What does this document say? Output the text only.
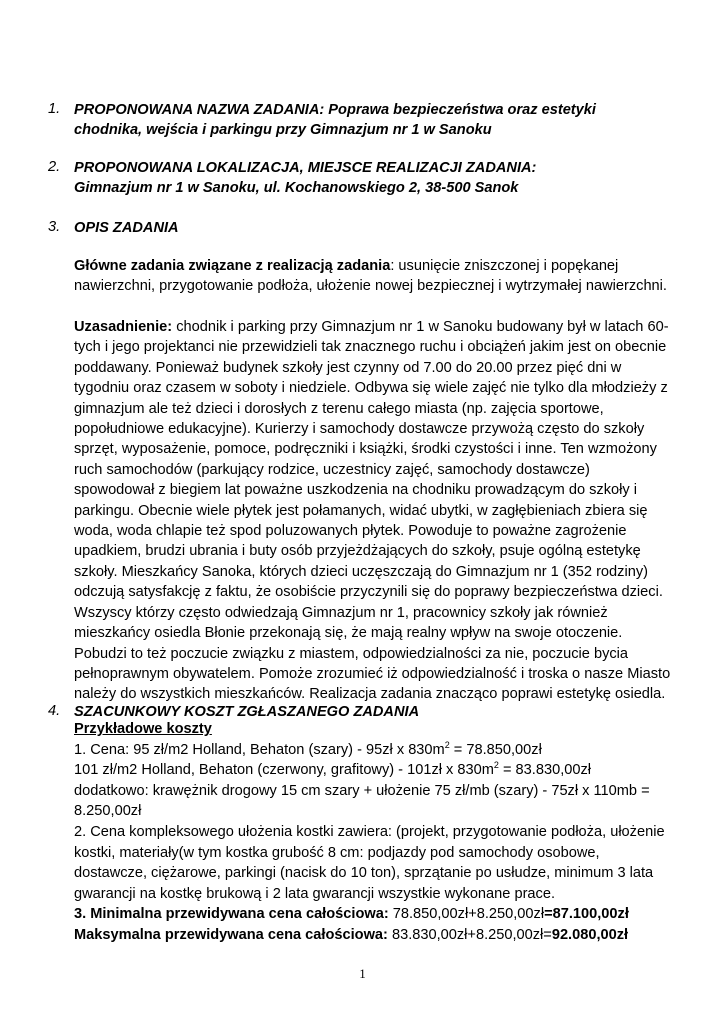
1. PROPONOWANA NAZWA ZADANIA: Poprawa bezpieczeństwa oraz estetyki
chodnika, wejścia i parkingu przy Gimnazjum nr 1 w Sanoku
2. PROPONOWANA LOKALIZACJA, MIEJSCE REALIZACJI ZADANIA:
Gimnazjum nr 1 w Sanoku, ul. Kochanowskiego 2, 38-500 Sanok
3. OPIS ZADANIA
Główne zadania związane z realizacją zadania: usunięcie zniszczonej i popękanej
nawierzchni, przygotowanie podłoża, ułożenie nowej bezpiecznej i wytrzymałej nawierzchni.
Uzasadnienie: chodnik i parking przy Gimnazjum nr 1 w Sanoku budowany był w latach 60-
tych i jego projektanci nie przewidzieli tak znacznego ruchu i obciążeń jakim jest on obecnie
poddawany. Ponieważ budynek szkoły jest czynny od 7.00 do 20.00 przez pięć dni w
tygodniu oraz czasem w soboty i niedziele. Odbywa się wiele zajęć nie tylko dla młodzieży z
gimnazjum ale też dzieci i dorosłych z terenu całego miasta (np. zajęcia sportowe,
popołudniowe edukacyjne). Kurierzy i samochody dostawcze przywożą często do szkoły
sprzęt, wyposażenie, pomoce, podręczniki i książki, środki czystości i inne. Ten wzmożony
ruch samochodów (parkujący rodzice, uczestnicy zajęć, samochody dostawcze)
spowodował z biegiem lat poważne uszkodzenia na chodniku prowadzącym do szkoły i
parkingu. Obecnie wiele płytek jest połamanych, widać ubytki, w zagłębieniach zbiera się
woda, woda chlapie też spod poluzowanych płytek. Powoduje to poważne zagrożenie
upadkiem, brudzi ubrania i buty osób przyjeżdżających do szkoły, psuje ogólną estetykę
szkoły. Mieszkańcy Sanoka, których dzieci uczęszczają do Gimnazjum nr 1 (352 rodziny)
odczują satysfakcję z faktu, że osobiście przyczynili się do poprawy bezpieczeństwa dzieci.
Wszyscy którzy często odwiedzają Gimnazjum nr 1, pracownicy szkoły jak również
mieszkańcy osiedla Błonie przekonają się, że mają realny wpływ na swoje otoczenie.
Pobudzi to też poczucie związku z miastem, odpowiedzialności za nie, poczucie bycia
pełnoprawnym obywatelem. Pomoże zrozumieć iż odpowiedzialność i troska o nasze Miasto
należy do wszystkich mieszkańców. Realizacja zadania znacząco poprawi estetykę osiedla.
4. SZACUNKOWY KOSZT ZGŁASZANEGO ZADANIA
Przykładowe koszty
1. Cena: 95 zł/m2 Holland, Behaton (szary) - 95zł x $830m^2$ = 78.850,00zł
101 zł/m2 Holland, Behaton (czerwony, grafitowy) - 101zł x $830m^2$ = 83.830,00zł
dodatkowo: krawężnik drogowy 15 cm szary + ułożenie 75 zł/mb (szary) - 75zł x 110mb =
8.250,00zł
2. Cena kompleksowego ułożenia kostki zawiera: (projekt, przygotowanie podłoża, ułożenie
kostki, materiały(w tym kostka grubość 8 cm: podjazdy pod samochody osobowe,
dostawcze, ciężarowe, parkingi (nacisk do 10 ton), sprzątanie po usłudze, minimum 3 lata
gwarancji na kostkę brukową i 2 lata gwarancji wszystkie wykonane prace.
3. Minimalna przewidywana cena całościowa: 78.850,00zł+8.250,00zł=87.100,00zł
Maksymalna przewidywana cena całościowa: 83.830,00zł+8.250,00zł=92.080,00zł
1
